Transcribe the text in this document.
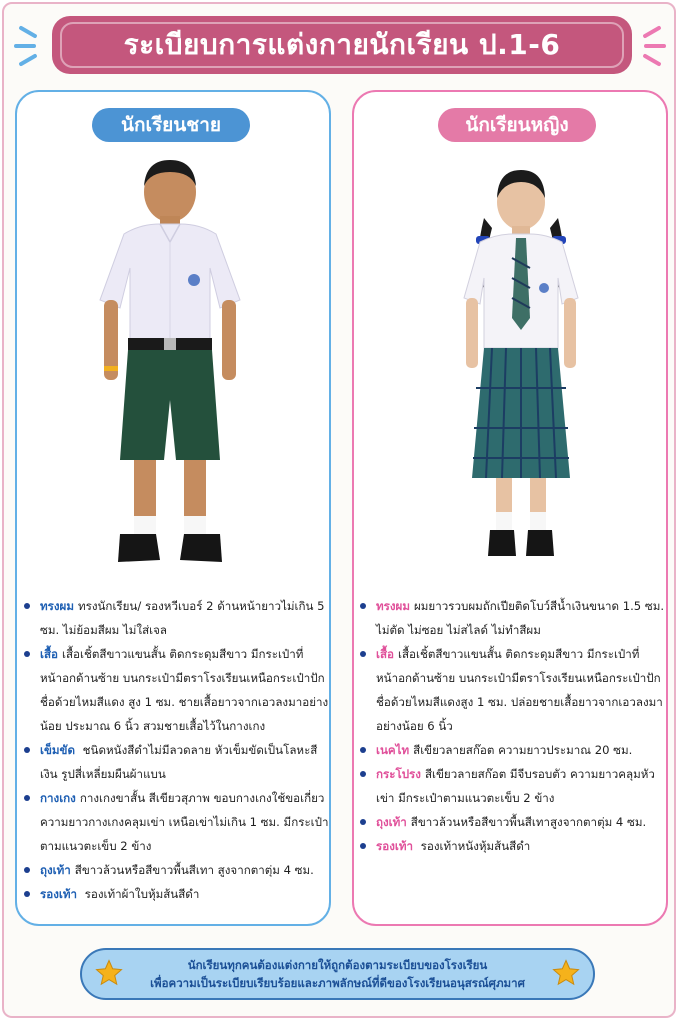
ระเบียบการแต่งกายนักเรียน ป.1-6
นักเรียนชาย
ทรงผม ทรงนักเรียน/ รองหวีเบอร์ 2 ด้านหน้ายาวไม่เกิน 5 ซม. ไม่ย้อมสีผม ไม่ใส่เจล
เสื้อ เสื้อเชิ้ตสีขาวแขนสั้น ติดกระดุมสีขาว มีกระเป๋าที่หน้าอกด้านซ้าย บนกระเป๋ามีตราโรงเรียนเหนือกระเป๋าปักชื่อด้วยไหมสีแดง สูง 1 ซม. ชายเสื้อยาวจากเอวลงมาอย่างน้อย ประมาณ 6 นิ้ว สวมชายเสื้อไว้ในกางเกง
เข็มขัด ชนิดหนังสีดำไม่มีลวดลาย หัวเข็มขัดเป็นโลหะสีเงิน รูปสี่เหลี่ยมผืนผ้าแบน
กางเกง กางเกงขาสั้น สีเขียวสุภาพ ขอบกางเกงใช้ขอเกี่ยว ความยาวกางเกงคลุมเข่า เหนือเข่าไม่เกิน 1 ซม. มีกระเป๋าตามแนวตะเข็บ 2 ข้าง
ถุงเท้า สีขาวล้วนหรือสีขาวพื้นสีเทา สูงจากตาตุ่ม 4 ซม.
รองเท้า รองเท้าผ้าใบหุ้มส้นสีดำ
นักเรียนหญิง
ทรงผม ผมยาวรวบผมถักเปียติดโบว์สีน้ำเงินขนาด 1.5 ซม. ไม่ตัด ไม่ซอย ไม่สไลด์ ไม่ทำสีผม
เสื้อ เสื้อเชิ้ตสีขาวแขนสั้น ติดกระดุมสีขาว มีกระเป๋าที่หน้าอกด้านซ้าย บนกระเป๋ามีตราโรงเรียนเหนือกระเป๋าปักชื่อด้วยไหมสีแดงสูง 1 ซม. ปล่อยชายเสื้อยาวจากเอวลงมาอย่างน้อย 6 นิ้ว
เนคไท สีเขียวลายสก๊อต ความยาวประมาณ 20 ซม.
กระโปรง สีเขียวลายสก๊อต มีจีบรอบตัว ความยาวคลุมหัวเข่า มีกระเป๋าตามแนวตะเข็บ 2 ข้าง
ถุงเท้า สีขาวล้วนหรือสีขาวพื้นสีเทาสูงจากตาตุ่ม 4 ซม.
รองเท้า รองเท้าหนังหุ้มส้นสีดำ
นักเรียนทุกคนต้องแต่งกายให้ถูกต้องตามระเบียบของโรงเรียน
เพื่อความเป็นระเบียบเรียบร้อยและภาพลักษณ์ที่ดีของโรงเรียนอนุสรณ์ศุภมาศ
